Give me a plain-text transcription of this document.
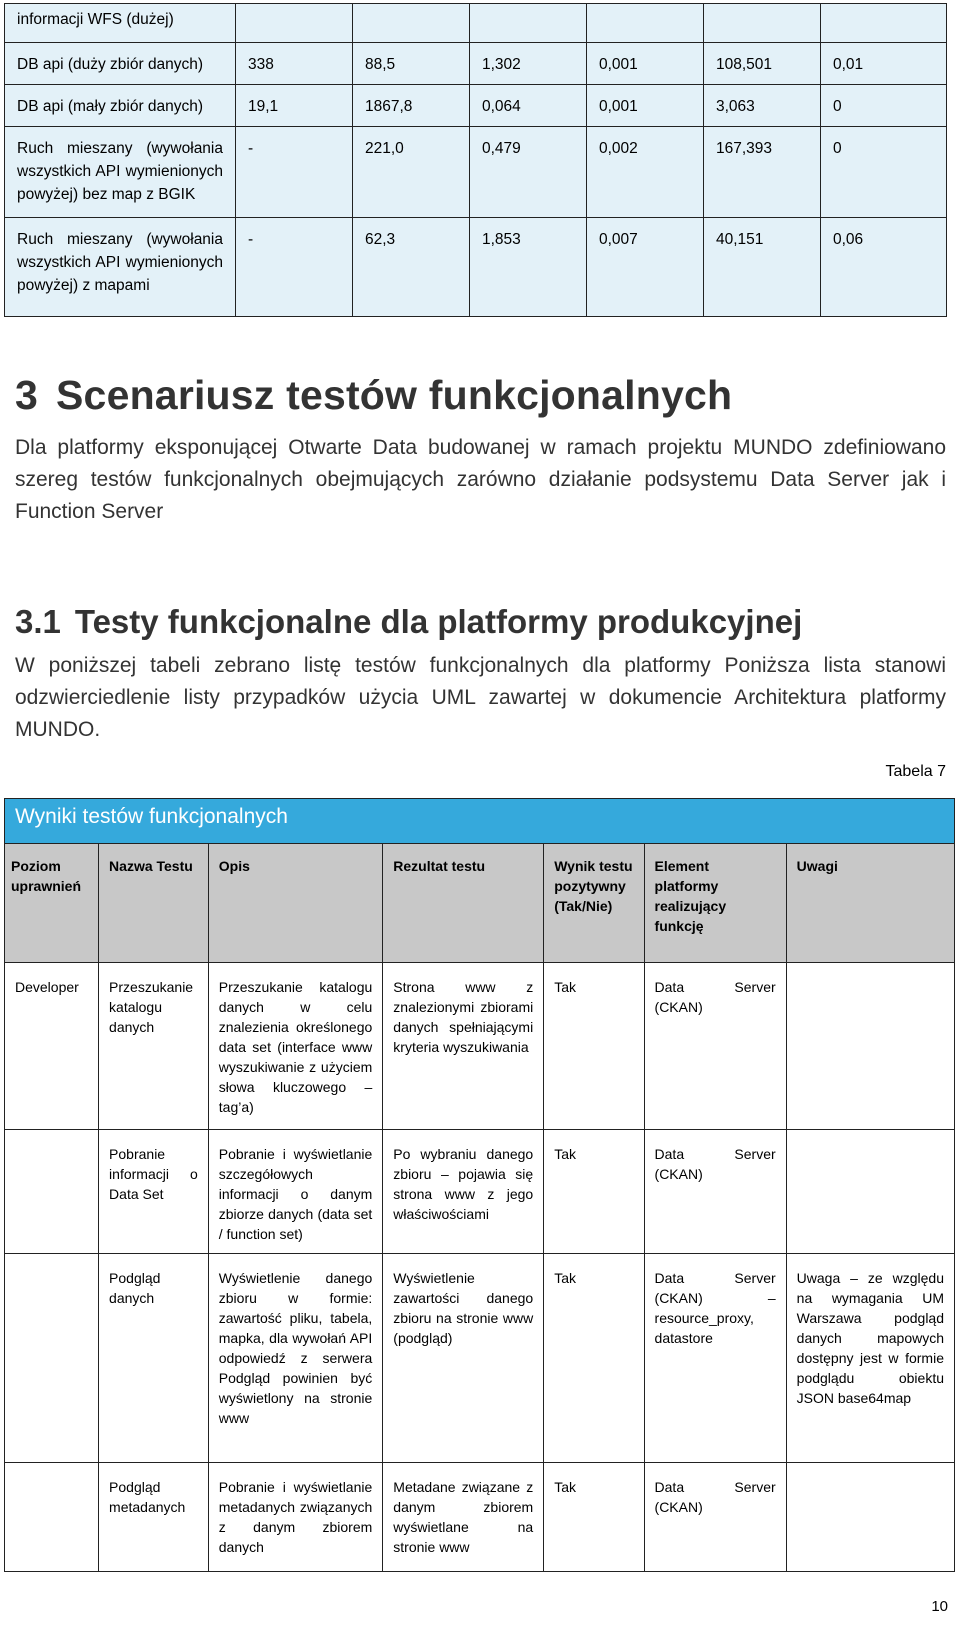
informacji WFS (dużej)						
DB api (duży zbiór danych)	338	88,5	1,302	0,001	108,501	0,01
DB api (mały zbiór danych)	19,1	1867,8	0,064	0,001	3,063	0
Ruch mieszany (wywołania wszystkich API wymienionych powyżej) bez map z BGIK	-	221,0	0,479	0,002	167,393	0
Ruch mieszany (wywołania wszystkich API wymienionych powyżej) z mapami	-	62,3	1,853	0,007	40,151	0,06
3 Scenariusz testów funkcjonalnych

Dla platformy eksponującej Otwarte Data budowanej w ramach projektu MUNDO zdefiniowano szereg testów funkcjonalnych obejmujących zarówno działanie podsystemu Data Server jak i Function Server

3.1 Testy funkcjonalne dla platformy produkcyjnej

W poniższej tabeli zebrano listę testów funkcjonalnych dla platformy Poniższa lista stanowi odzwierciedlenie listy przypadków użycia UML zawartej w dokumencie Architektura platformy MUNDO.

Tabela 7
Wyniki testów funkcjonalnych						
Poziom uprawnień	Nazwa Testu	Opis	Rezultat testu	Wynik testu pozytywny (Tak/Nie)	Element platformy realizujący funkcję	Uwagi
Developer	Przeszukanie katalogu danych	Przeszukanie katalogu danych w celu znalezienia określonego data set (interface www wyszukiwanie z użyciem słowa kluczowego – tag’a)	Strona www z znalezionymi zbiorami danych spełniającymi kryteria wyszukiwania	Tak	Data Server (CKAN)	
	Pobranie informacji o Data Set	Pobranie i wyświetlanie szczegółowych informacji o danym zbiorze danych (data set / function set)	Po wybraniu danego zbioru – pojawia się strona www z jego właściwościami	Tak	Data Server (CKAN)	
	Podgląd danych	Wyświetlenie danego zbioru w formie: zawartość pliku, tabela, mapka, dla wywołań API odpowiedź z serwera Podgląd powinien być wyświetlony na stronie www	Wyświetlenie zawartości danego zbioru na stronie www (podgląd)	Tak	Data Server (CKAN) – resource_proxy, datastore	Uwaga – ze względu na wymagania UM Warszawa podgląd danych mapowych dostępny jest w formie podglądu obiektu JSON base64map
	Podgląd metadanych	Pobranie i wyświetlanie metadanych związanych z danym zbiorem danych	Metadane związane z danym zbiorem wyświetlane na stronie www	Tak	Data Server (CKAN)	
10
